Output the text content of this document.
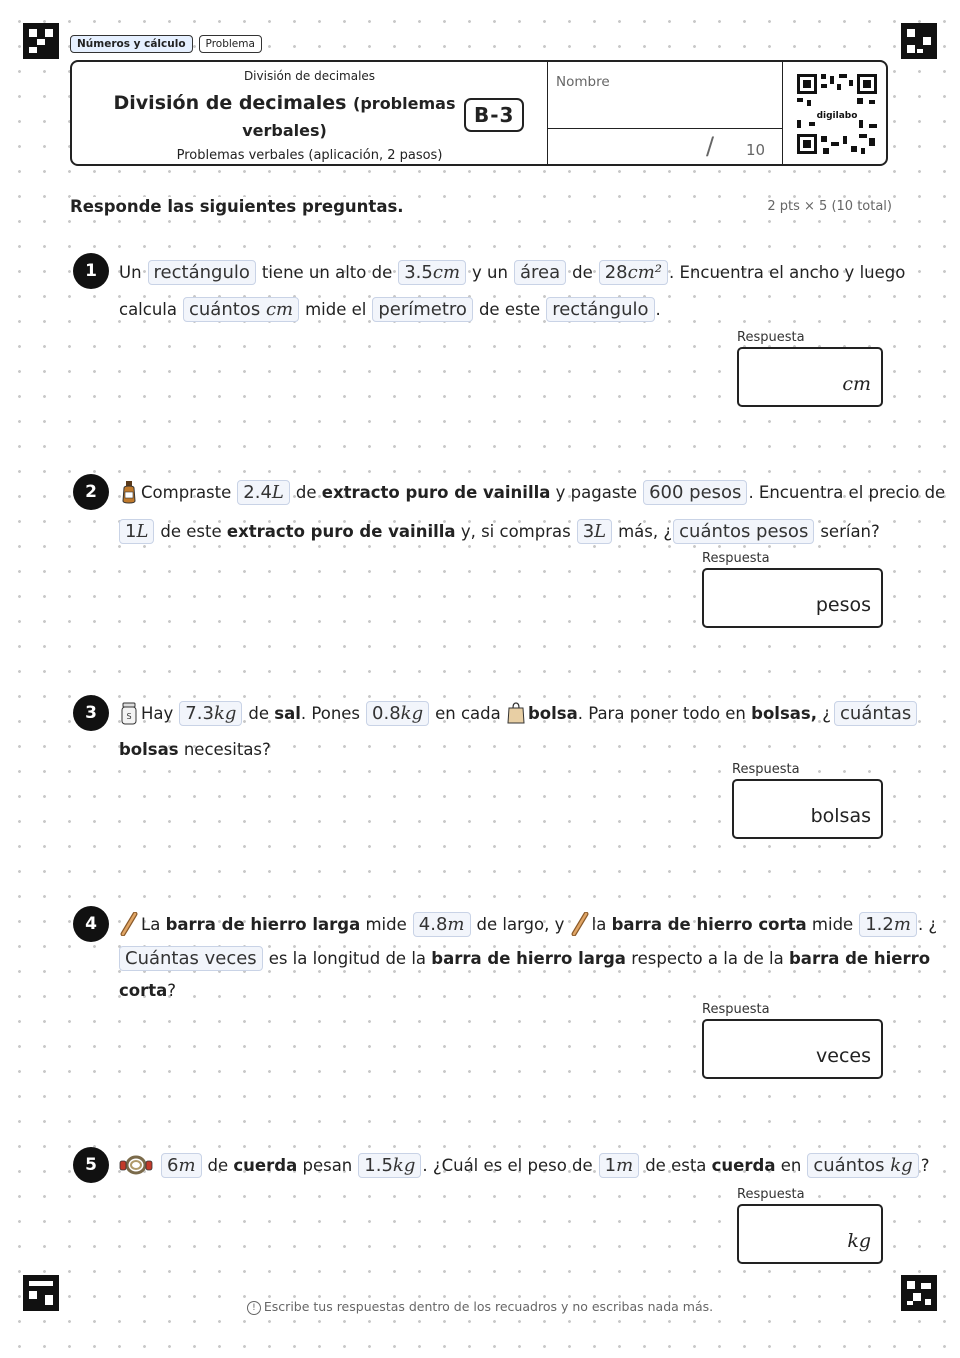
Números y cálculo	Problema
División de decimales
División de decimales (problemas verbales)
B-3
Problemas verbales (aplicación, 2 pasos)
Nombre
/ 10
digilabo
Responde las siguientes preguntas.	2 pts × 5 (10 total)
1	Un rectángulo tiene un alto de 3.5cm y un área de 28cm² . Encuentra el ancho y luego
calcula cuántos cm mide el perímetro de este rectángulo .
Respuesta
cm
2	Compraste 2.4L de
extracto puro de vainilla
y pagaste 600 pesos . Encuentra el precio de
1L de este
extracto puro de vainilla
y, si compras 3L más, ¿ cuántos pesos serían?
Respuesta
pesos
3	S Hay 7.3kg de
sal . Pones 0.8kg en cada
bolsa . Para poner todo en
bolsas,
¿ cuántas
bolsas
necesitas?
Respuesta
bolsas
4	La
barra de hierro larga
mide 4.8m de largo, y
la
barra de hierro corta
mide 1.2m . ¿
Cuántas veces es la longitud de la
barra de hierro larga
respecto a la de la
barra de hierro
corta ?
Respuesta
veces
5	6m de
cuerda
pesan 1.5kg . ¿Cuál es el peso de 1m de esta
cuerda
en cuántos kg ?
Respuesta
kg
! Escribe tus respuestas dentro de los recuadros y no escribas nada más.
